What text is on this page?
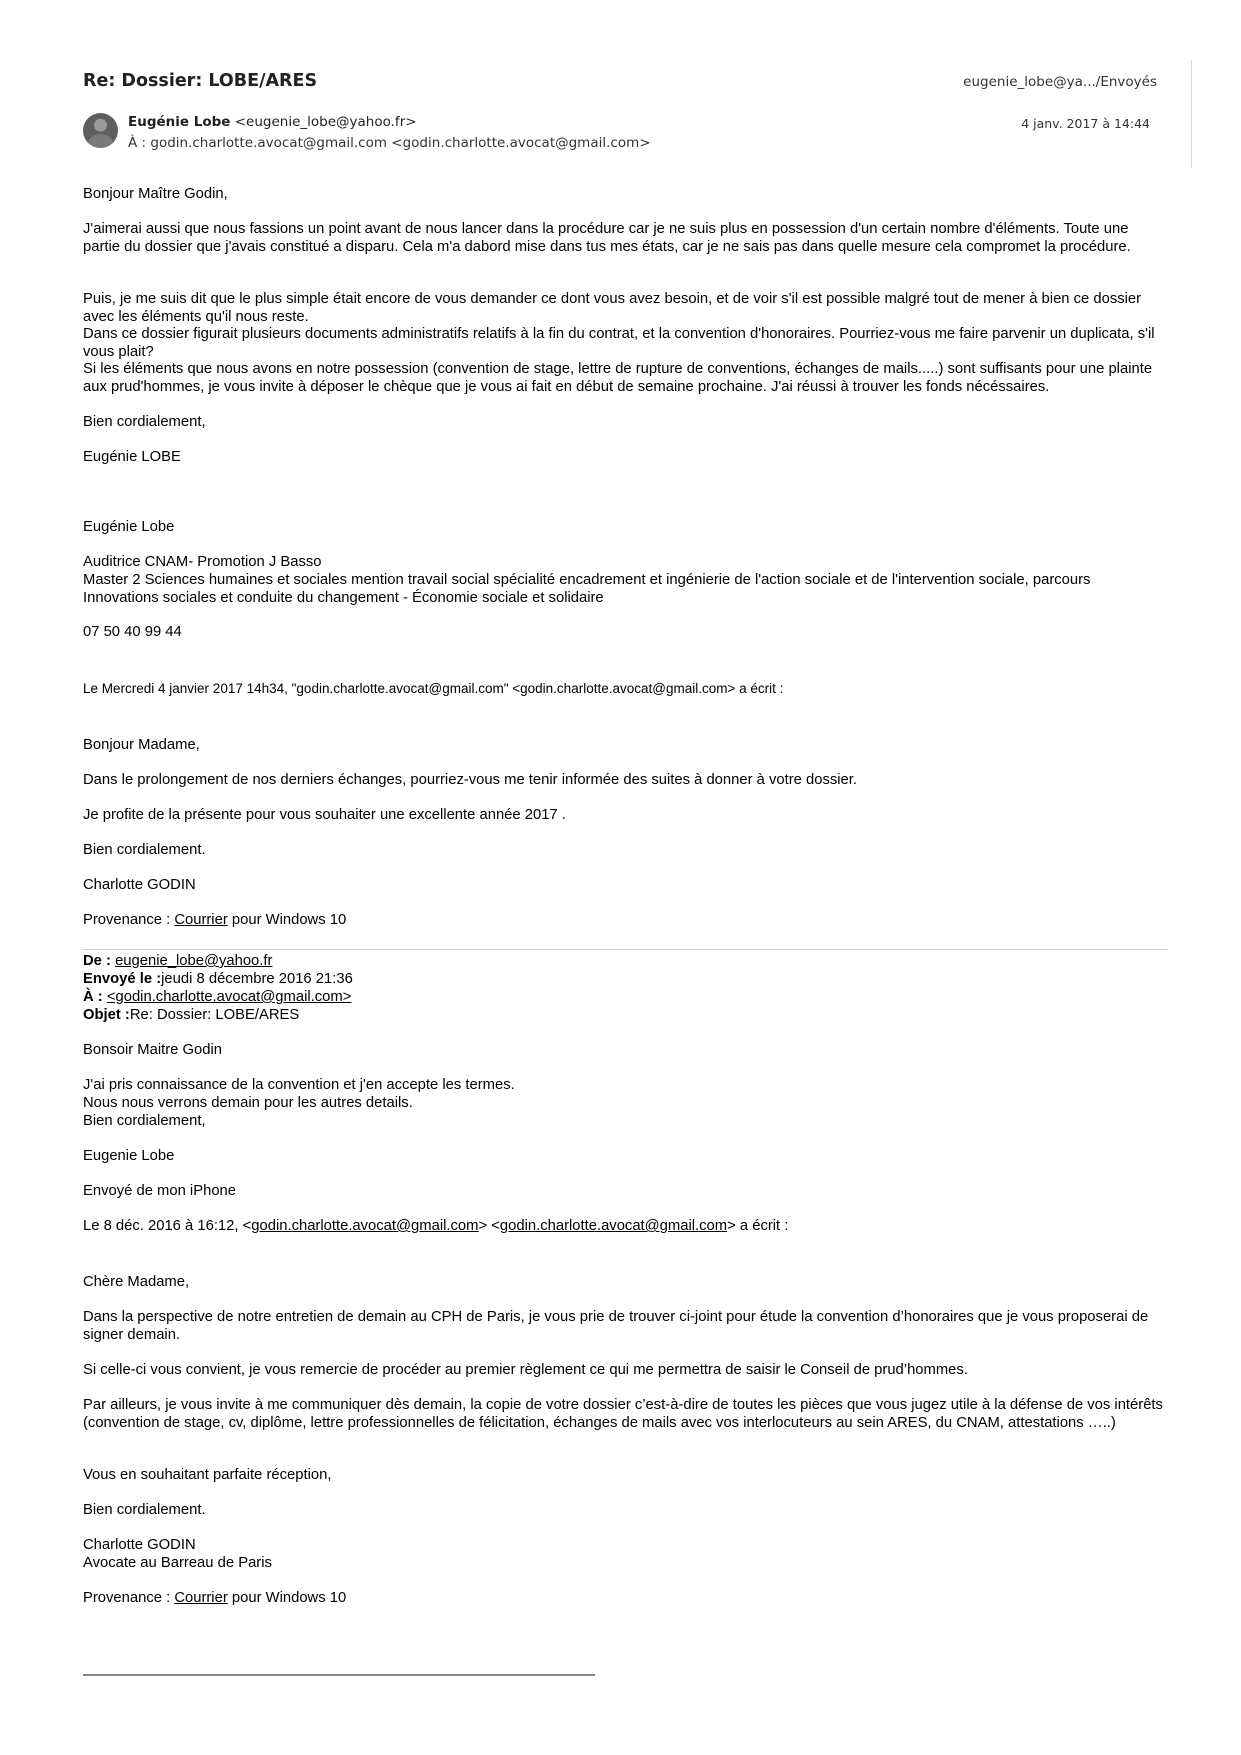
Re: Dossier: LOBE/ARES	eugenie_lobe@ya.../Envoyés
Eugénie Lobe <eugenie_lobe@yahoo.fr>	4 janv. 2017 à 14:44
À : godin.charlotte.avocat@gmail.com <godin.charlotte.avocat@gmail.com>

Bonjour Maître Godin,

J'aimerai aussi que nous fassions un point avant de nous lancer dans la procédure car je ne suis plus en possession d'un certain nombre d'éléments. Toute une partie du dossier que j'avais constitué a disparu. Cela m'a dabord mise dans tus mes états, car je ne sais pas dans quelle mesure cela compromet la procédure.

Puis, je me suis dit que le plus simple était encore de vous demander ce dont vous avez besoin, et de voir s'il est possible malgré tout de mener à bien ce dossier avec les éléments qu'il nous reste.

Dans ce dossier figurait plusieurs documents administratifs relatifs à la fin du contrat, et la convention d'honoraires. Pourriez-vous me faire parvenir un duplicata, s'il vous plait?

Si les éléments que nous avons en notre possession (convention de stage, lettre de rupture de conventions, échanges de mails.....) sont suffisants pour une plainte aux prud'hommes, je vous invite à déposer le chèque que je vous ai fait en début de semaine prochaine. J'ai réussi à trouver les fonds nécéssaires.

Bien cordialement,

Eugénie LOBE

Eugénie Lobe

Auditrice CNAM- Promotion J Basso

Master 2 Sciences humaines et sociales mention travail social spécialité encadrement et ingénierie de l'action sociale et de l'intervention sociale, parcours Innovations sociales et conduite du changement - Économie sociale et solidaire

07 50 40 99 44

Le Mercredi 4 janvier 2017 14h34, "godin.charlotte.avocat@gmail.com" <godin.charlotte.avocat@gmail.com> a écrit :

Bonjour Madame,

Dans le prolongement de nos derniers échanges, pourriez-vous me tenir informée des suites à donner à votre dossier.

Je profite de la présente pour vous souhaiter une excellente année 2017 .

Bien cordialement.

Charlotte GODIN

Provenance : Courrier pour Windows 10

De : eugenie_lobe@yahoo.fr

Envoyé le :jeudi 8 décembre 2016 21:36

À : <godin.charlotte.avocat@gmail.com>

Objet :Re: Dossier: LOBE/ARES

Bonsoir Maitre Godin

J'ai pris connaissance de la convention et j'en accepte les termes.

Nous nous verrons demain pour les autres details.

Bien cordialement,

Eugenie Lobe

Envoyé de mon iPhone

Le 8 déc. 2016 à 16:12, <godin.charlotte.avocat@gmail.com> <godin.charlotte.avocat@gmail.com> a écrit :

Chère Madame,

Dans la perspective de notre entretien de demain au CPH de Paris, je vous prie de trouver ci-joint pour étude la convention d’honoraires que je vous proposerai de signer demain.

Si celle-ci vous convient, je vous remercie de procéder au premier règlement ce qui me permettra de saisir le Conseil de prud’hommes.

Par ailleurs, je vous invite à me communiquer dès demain, la copie de votre dossier c’est-à-dire de toutes les pièces que vous jugez utile à la défense de vos intérêts (convention de stage, cv, diplôme, lettre professionnelles de félicitation, échanges de mails avec vos interlocuteurs au sein ARES, du CNAM, attestations …..)

Vous en souhaitant parfaite réception,

Bien cordialement.

Charlotte GODIN

Avocate au Barreau de Paris

Provenance : Courrier pour Windows 10
